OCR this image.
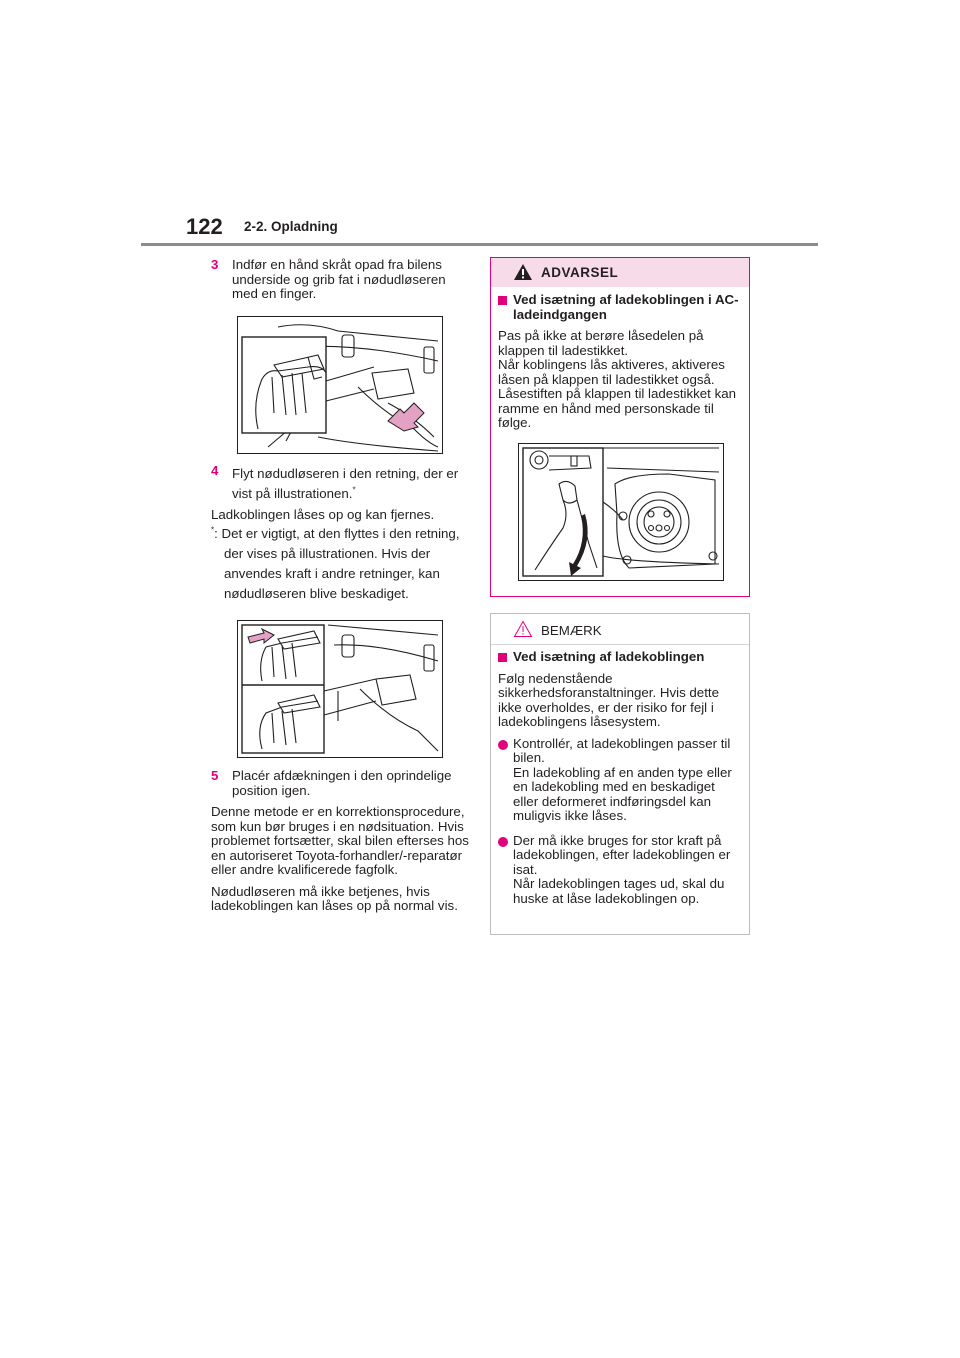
122 2-2. Opladning
3 Indfør en hånd skråt opad fra bilens underside og grib fat i nødudløseren med en finger.

4 Flyt nødudløseren i den retning, der er vist på illustrationen.*

Ladkoblingen låses op og kan fjernes.

*: Det er vigtigt, at den flyttes i den retning, der vises på illustrationen. Hvis der anvendes kraft i andre retninger, kan nødudløseren blive beskadiget.

5 Placér afdækningen i den oprindelige position igen.

Denne metode er en korrektionsprocedure, som kun bør bruges i en nødsituation. Hvis problemet fortsætter, skal bilen efterses hos en autoriseret Toyota-forhandler/-reparatør eller andre kvalificerede fagfolk.

Nødudløseren må ikke betjenes, hvis ladekoblingen kan låses op på normal vis.

ADVARSEL
Ved isætning af ladekoblingen i AC-ladeindgangen

Pas på ikke at berøre låsedelen på klappen til ladestikket.

Når koblingens lås aktiveres, aktiveres låsen på klappen til ladestikket også. Låsestiften på klappen til ladestikket kan ramme en hånd med personskade til følge.

BEMÆRK
Ved isætning af ladekoblingen

Følg nedenstående sikkerhedsforanstaltninger. Hvis dette ikke overholdes, er der risiko for fejl i ladekoblingens låsesystem.

Kontrollér, at ladekoblingen passer til bilen.

En ladekobling af en anden type eller en ladekobling med en beskadiget eller deformeret indføringsdel kan muligvis ikke låses.

Der må ikke bruges for stor kraft på ladekoblingen, efter ladekoblingen er isat.

Når ladekoblingen tages ud, skal du huske at låse ladekoblingen op.
